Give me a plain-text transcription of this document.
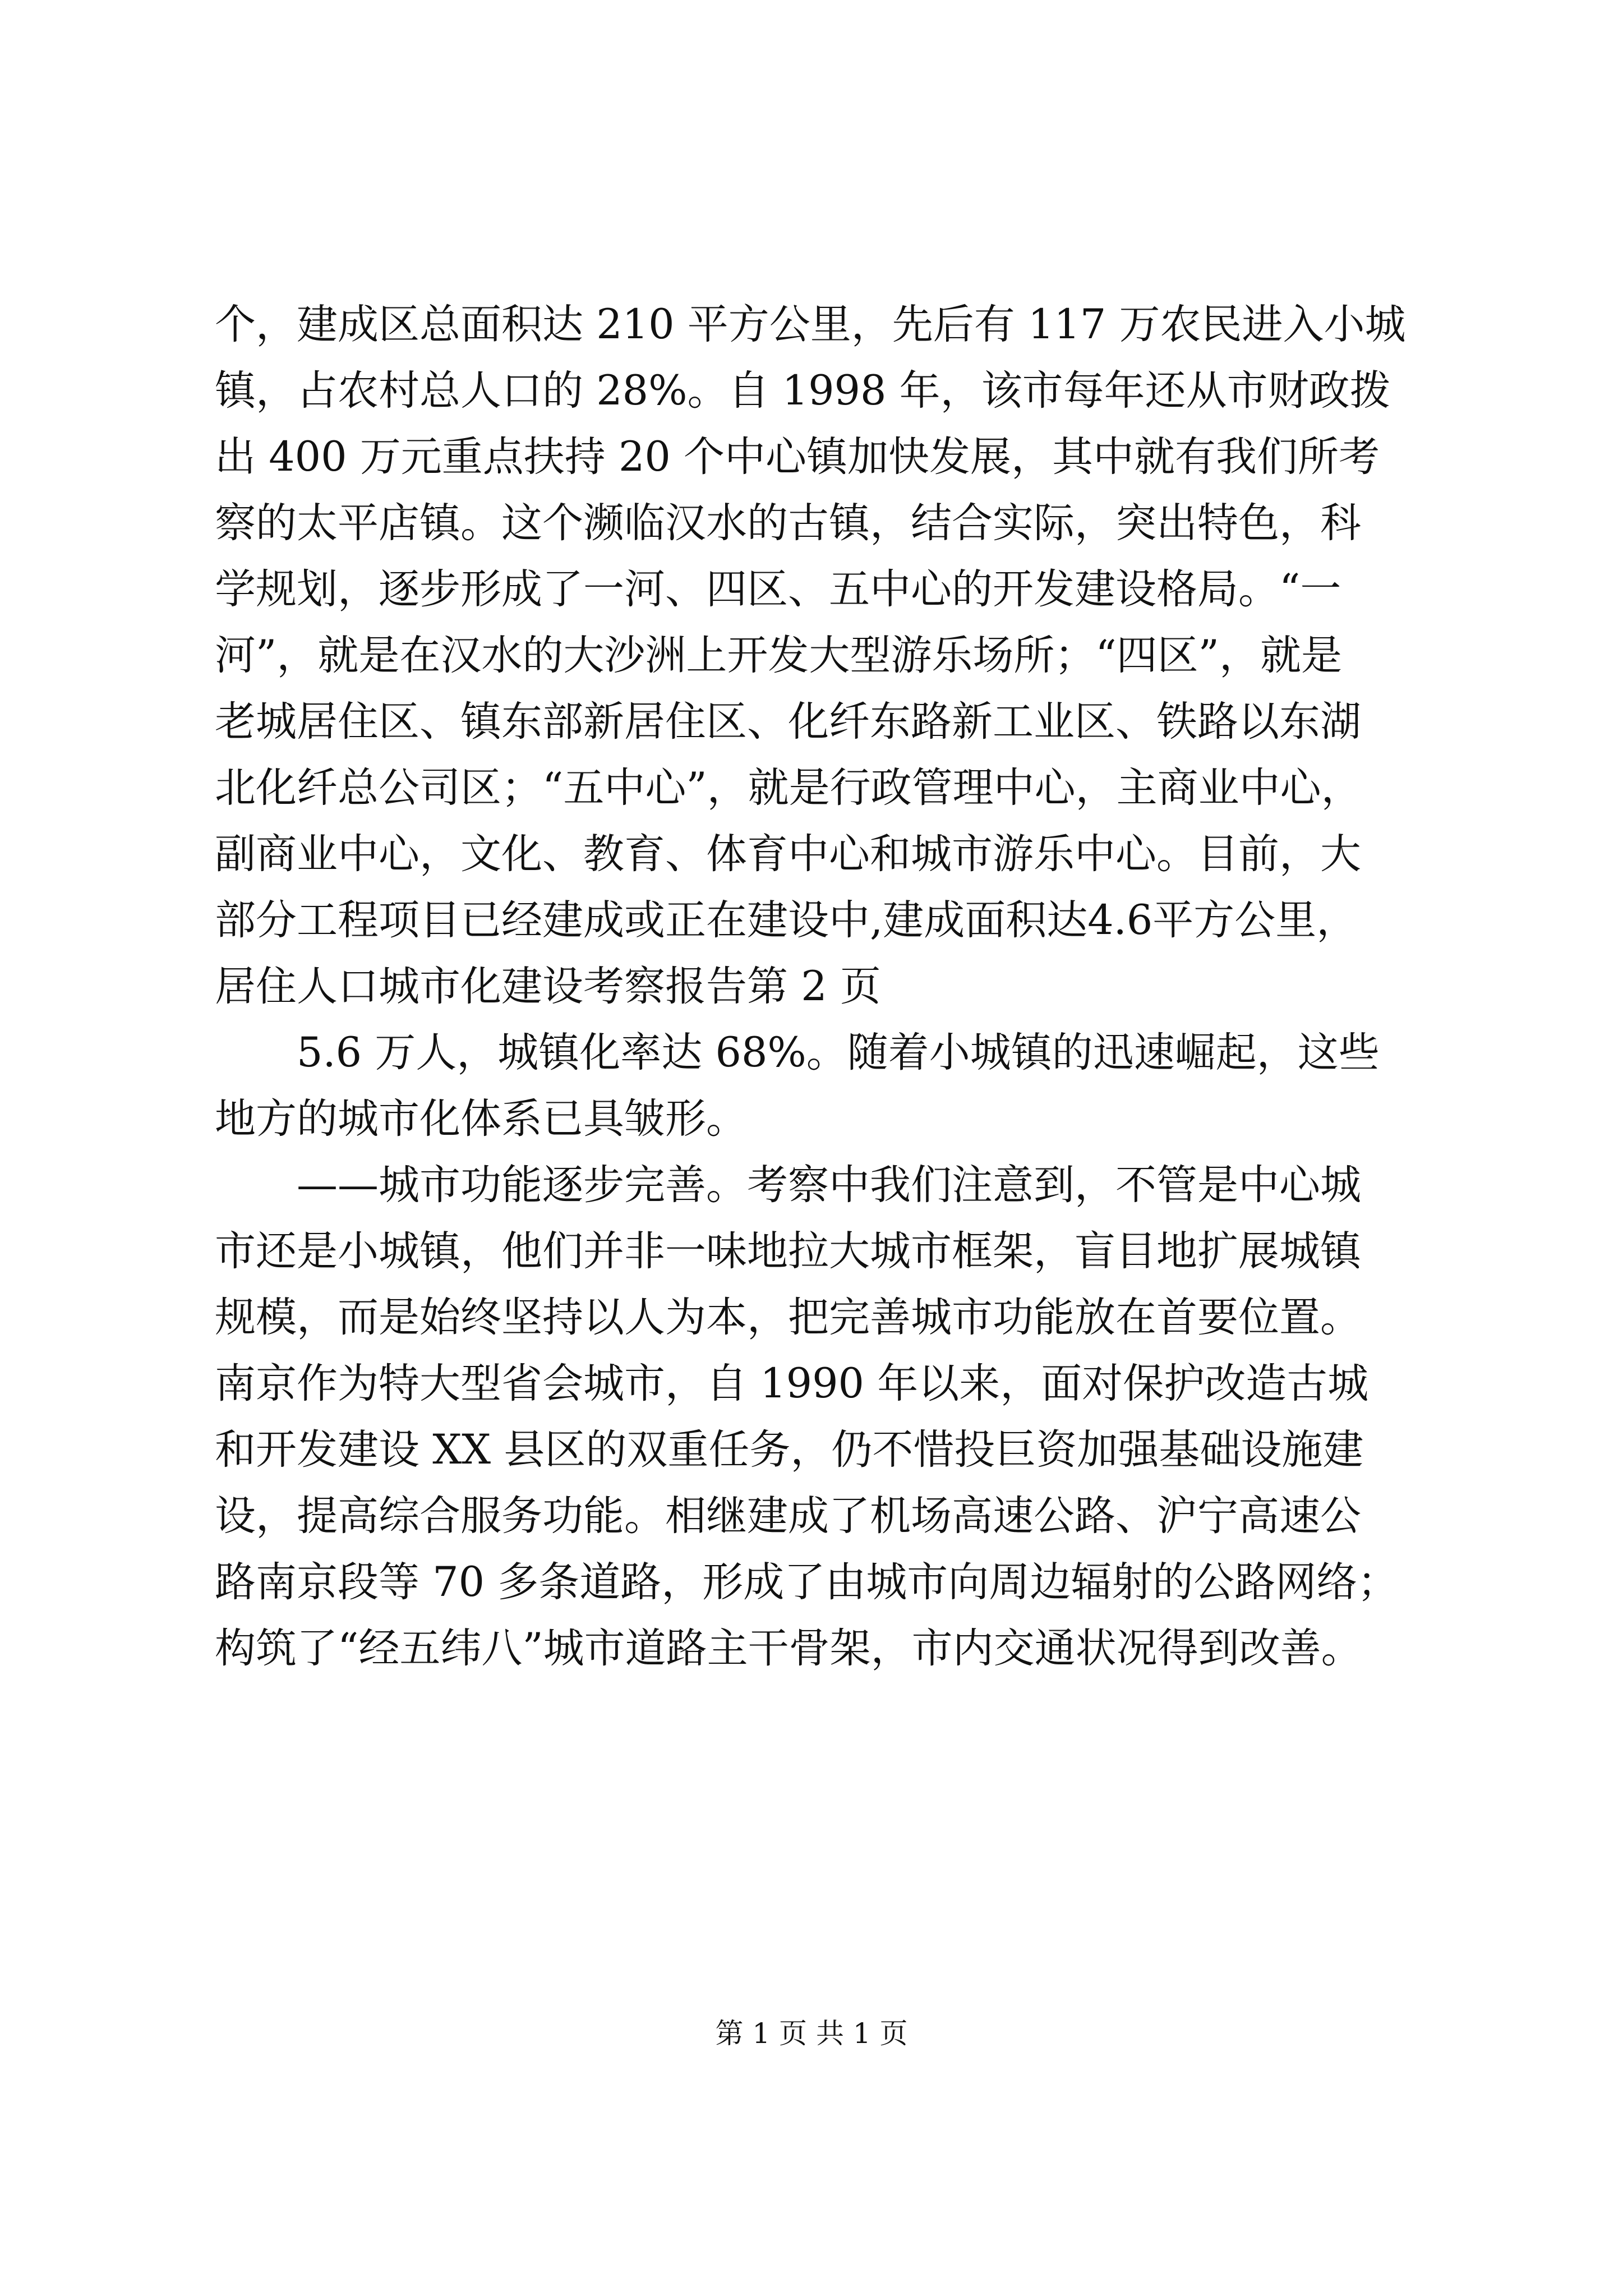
个，建成区总面积达 210 平方公里，先后有 117 万农民进入小城
镇，占农村总人口的 28%。自 1998 年，该市每年还从市财政拨
出 400 万元重点扶持 20 个中心镇加快发展，其中就有我们所考
察的太平店镇。这个濒临汉水的古镇，结合实际，突出特色，科
学规划，逐步形成了一河、四区、五中心的开发建设格局。“一
河”，就是在汉水的大沙洲上开发大型游乐场所；“四区”，就是
老城居住区、镇东部新居住区、化纤东路新工业区、铁路以东湖
北化纤总公司区；“五中心”，就是行政管理中心，主商业中心，
副商业中心，文化、教育、体育中心和城市游乐中心。目前，大
部分工程项目已经建成或正在建设中,建成面积达4.6平方公里，
居住人口城市化建设考察报告第 2 页
5.6 万人，城镇化率达 68%。随着小城镇的迅速崛起，这些
地方的城市化体系已具皱形。
——城市功能逐步完善。考察中我们注意到，不管是中心城
市还是小城镇，他们并非一味地拉大城市框架，盲目地扩展城镇
规模，而是始终坚持以人为本，把完善城市功能放在首要位置。
南京作为特大型省会城市，自 1990 年以来，面对保护改造古城
和开发建设 XX 县区的双重任务，仍不惜投巨资加强基础设施建
设，提高综合服务功能。相继建成了机场高速公路、沪宁高速公
路南京段等 70 多条道路，形成了由城市向周边辐射的公路网络；
构筑了“经五纬八”城市道路主干骨架，市内交通状况得到改善。
第 1 页 共 1 页
